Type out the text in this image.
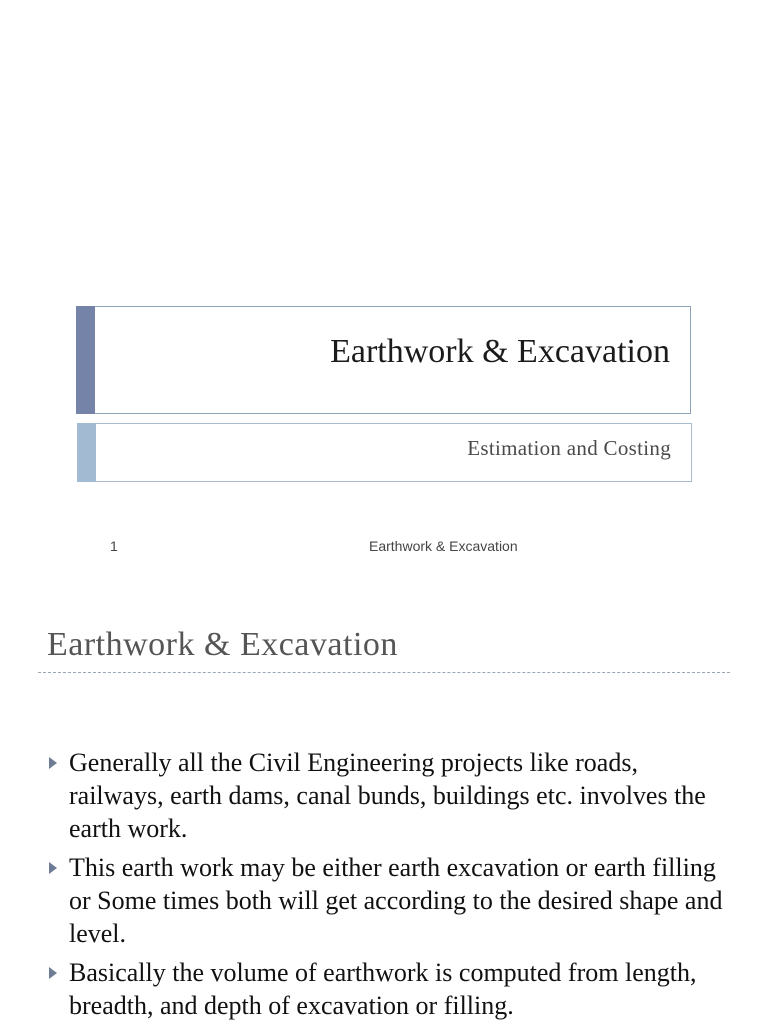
Earthwork & Excavation
Estimation and Costing
1	Earthwork & Excavation
Earthwork & Excavation
Generally all the Civil Engineering projects like roads, railways, earth dams, canal bunds, buildings etc. involves the earth work.
This earth work may be either earth excavation or earth filling or Some times both will get according to the desired shape and level.
Basically the volume of earthwork is computed from length, breadth, and depth of excavation or filling.
